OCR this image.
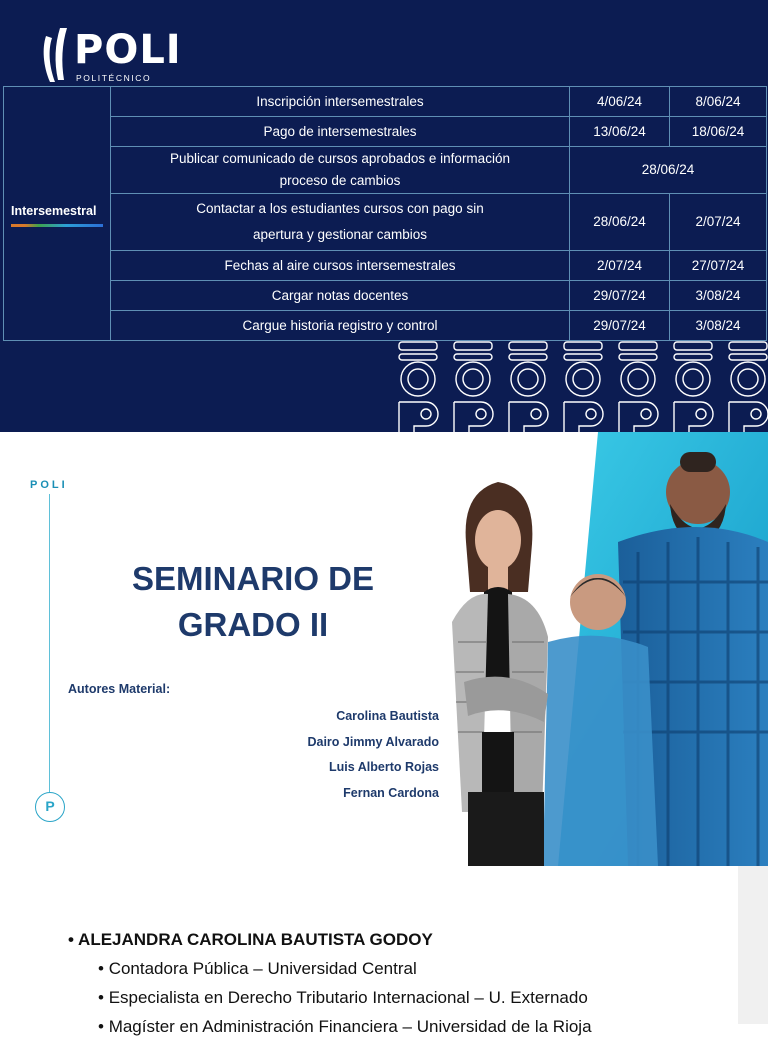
POLI
POLITÉCNICO
Intersemestral	Inscripción intersemestrales	4/06/24	8/06/24
	Pago de intersemestrales	13/06/24	18/06/24

	Publicar comunicado de cursos aprobados e información
proceso de cambios	28/06/24	

	Contactar a los estudiantes cursos con pago sin
apertura y gestionar cambios	28/06/24	2/07/24
	Fechas al aire cursos intersemestrales	2/07/24	27/07/24
	Cargar notas docentes	29/07/24	3/08/24
	Cargue historia registro y control	29/07/24	3/08/24
POLI
P
SEMINARIO DE
GRADO II
Autores Material:
Carolina Bautista
Dairo Jimmy Alvarado
Luis Alberto Rojas
Fernan Cardona
• ALEJANDRA CAROLINA BAUTISTA GODOY
• Contadora Pública – Universidad Central
• Especialista en Derecho Tributario Internacional – U. Externado
• Magíster en Administración Financiera – Universidad de la Rioja
